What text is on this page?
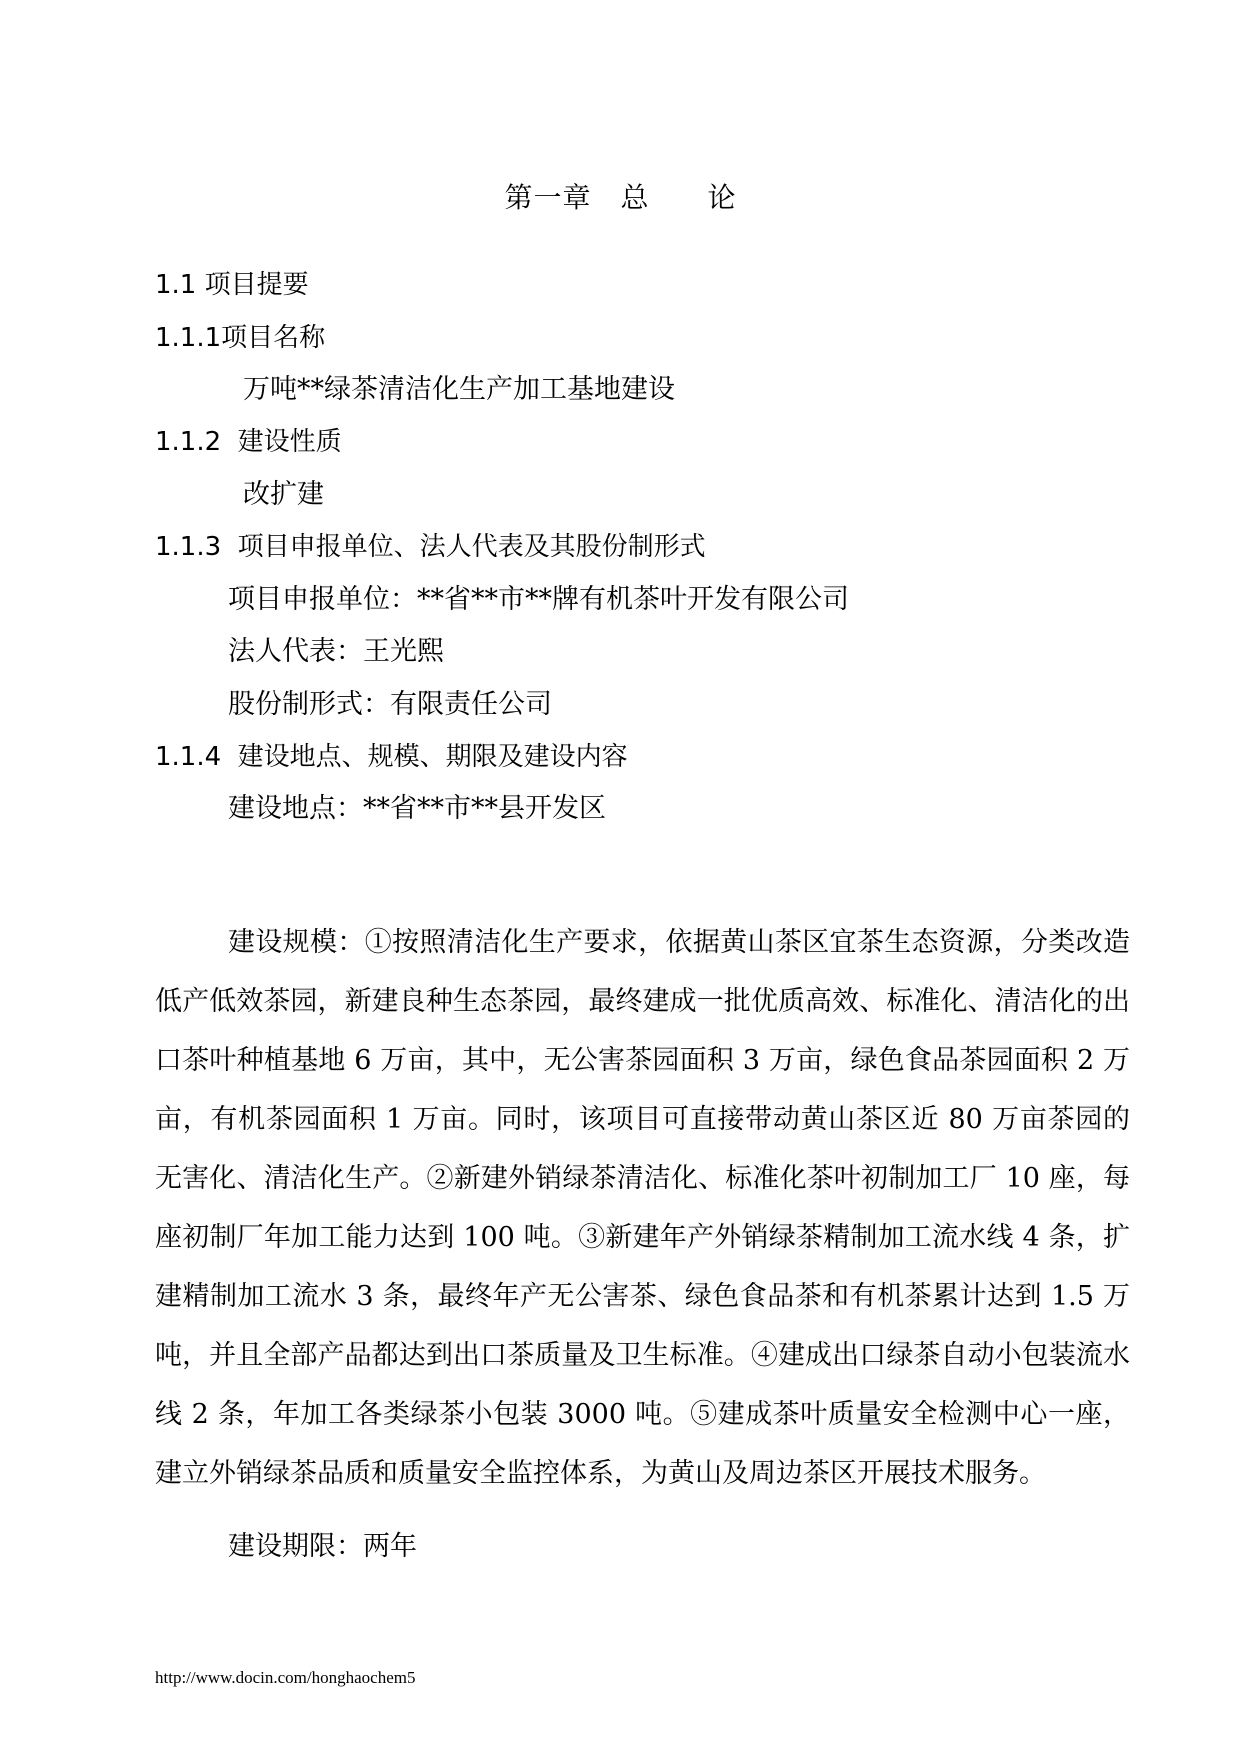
第一章　总　　论
1.1 项目提要
1.1.1项目名称
万吨**绿茶清洁化生产加工基地建设
1.1.2  建设性质
改扩建
1.1.3  项目申报单位、法人代表及其股份制形式
项目申报单位：**省**市**牌有机茶叶开发有限公司
法人代表：王光熙
股份制形式：有限责任公司
1.1.4  建设地点、规模、期限及建设内容
建设地点：**省**市**县开发区
建设规模：①按照清洁化生产要求，依据黄山茶区宜茶生态资源，分类改造低产低效茶园，新建良种生态茶园，最终建成一批优质高效、标准化、清洁化的出口茶叶种植基地 6 万亩，其中，无公害茶园面积 3 万亩，绿色食品茶园面积 2 万亩，有机茶园面积 1 万亩。同时，该项目可直接带动黄山茶区近 80 万亩茶园的无害化、清洁化生产。②新建外销绿茶清洁化、标准化茶叶初制加工厂 10 座，每座初制厂年加工能力达到 100 吨。③新建年产外销绿茶精制加工流水线 4 条，扩建精制加工流水 3 条，最终年产无公害茶、绿色食品茶和有机茶累计达到 1.5 万吨，并且全部产品都达到出口茶质量及卫生标准。④建成出口绿茶自动小包装流水线 2 条，年加工各类绿茶小包装 3000 吨。⑤建成茶叶质量安全检测中心一座，建立外销绿茶品质和质量安全监控体系，为黄山及周边茶区开展技术服务。
建设期限：两年
http://www.docin.com/honghaochem5
